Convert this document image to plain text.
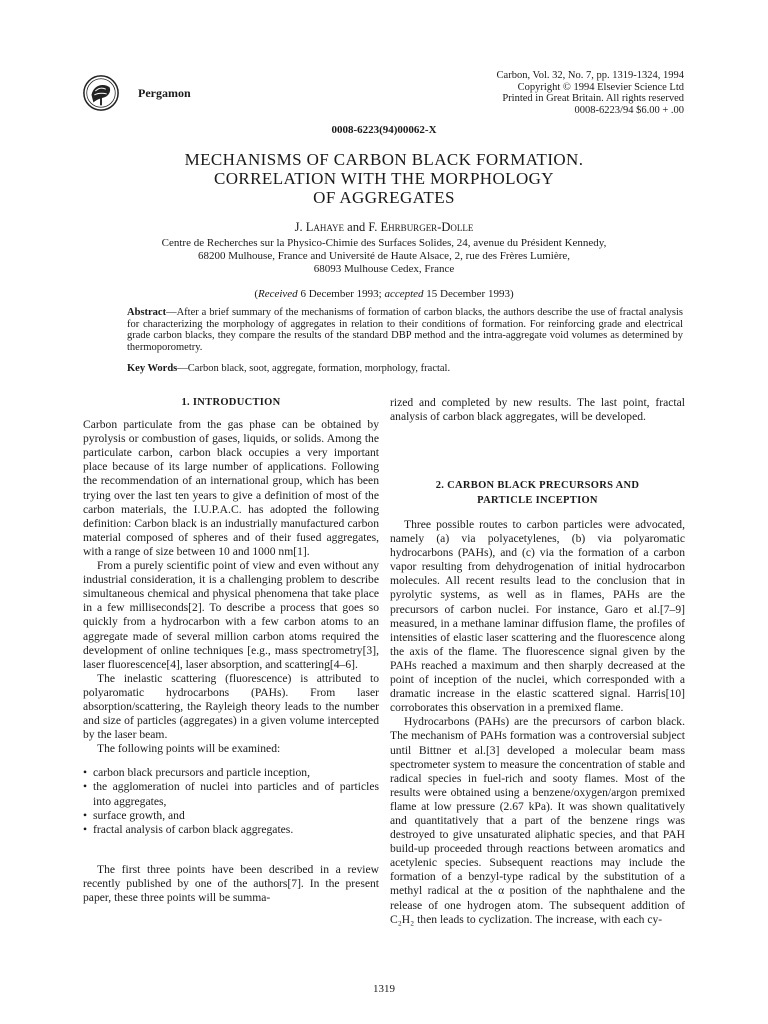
Pergamon
Carbon, Vol. 32, No. 7, pp. 1319-1324, 1994
Copyright © 1994 Elsevier Science Ltd
Printed in Great Britain. All rights reserved
0008-6223/94 $6.00 + .00
0008-6223(94)00062-X
MECHANISMS OF CARBON BLACK FORMATION.
CORRELATION WITH THE MORPHOLOGY
OF AGGREGATES
J. Lahaye and F. Ehrburger-Dolle
Centre de Recherches sur la Physico-Chimie des Surfaces Solides, 24, avenue du Président Kennedy,
68200 Mulhouse, France and Université de Haute Alsace, 2, rue des Frères Lumière,
68093 Mulhouse Cedex, France
(Received 6 December 1993; accepted 15 December 1993)
Abstract—After a brief summary of the mechanisms of formation of carbon blacks, the authors describe the use of fractal analysis for characterizing the morphology of aggregates in relation to their conditions of formation. For reinforcing grade and electrical grade carbon blacks, they compare the results of the standard DBP method and the intra-aggregate void volumes as determined by thermoporometry.
Key Words—Carbon black, soot, aggregate, formation, morphology, fractal.
1. INTRODUCTION

Carbon particulate from the gas phase can be obtained by pyrolysis or combustion of gases, liquids, or solids. Among the particulate carbon, carbon black occupies a very important place because of its large number of applications. Following the recommendation of an international group, which has been trying over the last ten years to give a definition of most of the carbon materials, the I.U.P.A.C. has adopted the following definition: Carbon black is an industrially manufactured carbon material composed of spheres and of their fused aggregates, with a range of size between 10 and 1000 nm[1].

From a purely scientific point of view and even without any industrial consideration, it is a challenging problem to describe simultaneous chemical and physical phenomena that take place in a few milliseconds[2]. To describe a process that goes so quickly from a hydrocarbon with a few carbon atoms to an aggregate made of several million carbon atoms required the development of online techniques [e.g., mass spectrometry[3], laser fluorescence[4], laser absorption, and scattering[4–6].

The inelastic scattering (fluorescence) is attributed to polyaromatic hydrocarbons (PAHs). From laser absorption/scattering, the Rayleigh theory leads to the number and size of particles (aggregates) in a given volume intercepted by the laser beam.

The following points will be examined:

• carbon black precursors and particle inception,
• the agglomeration of nuclei into particles and of particles into aggregates,
• surface growth, and
• fractal analysis of carbon black aggregates.

The first three points have been described in a review recently published by one of the authors[7]. In the present paper, these three points will be summa-

2. CARBON BLACK PRECURSORS AND
PARTICLE INCEPTION

Three possible routes to carbon particles were advocated, namely (a) via polyacetylenes, (b) via polyaromatic hydrocarbons (PAHs), and (c) via the formation of a carbon vapor resulting from dehydrogenation of initial hydrocarbon molecules. All recent results lead to the conclusion that in pyrolytic systems, as well as in flames, PAHs are the precursors of carbon nuclei. For instance, Garo et al.[7–9] measured, in a methane laminar diffusion flame, the profiles of intensities of elastic laser scattering and the fluorescence along the axis of the flame. The fluorescence signal given by the PAHs reached a maximum and then sharply decreased at the point of inception of the nuclei, which corresponded with a dramatic increase in the elastic scattered signal. Harris[10] corroborates this observation in a premixed flame.

Hydrocarbons (PAHs) are the precursors of carbon black. The mechanism of PAHs formation was a controversial subject until Bittner et al.[3] developed a molecular beam mass spectrometer system to measure the concentration of stable and radical species in fuel-rich and sooty flames. Most of the results were obtained using a benzene/oxygen/argon premixed flame at low pressure (2.67 kPa). It was shown qualitatively and quantitatively that a part of the benzene rings was destroyed to give unsaturated aliphatic species, and that PAH build-up proceeded through reactions between aromatics and acetylenic species. Subsequent reactions may include the formation of a benzyl-type radical by the substitution of a methyl radical at the α position of the naphthalene and the release of one hydrogen atom. The subsequent addition of C₂H₂ then leads to cyclization. The increase, with each cy-

rized and completed by new results. The last point, fractal analysis of carbon black aggregates, will be developed.

1319
